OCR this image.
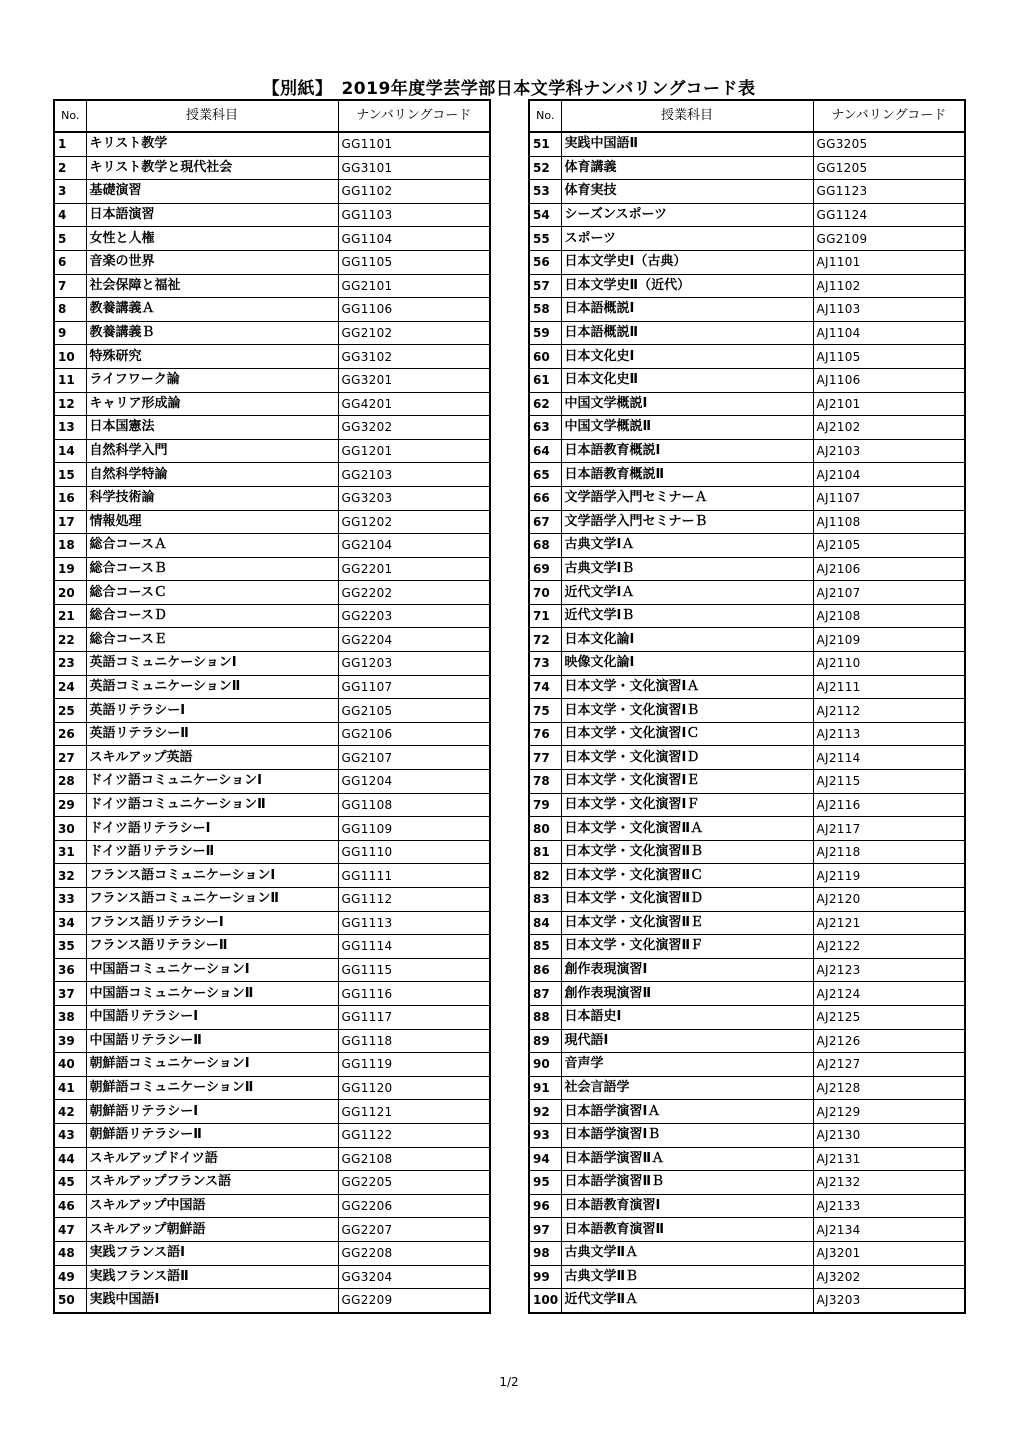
【別紙】　2019年度学芸学部日本文学科ナンバリングコード表
No.	授業科目	ナンバリングコード
1	キリスト教学	GG1101
2	キリスト教学と現代社会	GG3101
3	基礎演習	GG1102
4	日本語演習	GG1103
5	女性と人権	GG1104
6	音楽の世界	GG1105
7	社会保障と福祉	GG2101
8	教養講義Ａ	GG1106
9	教養講義Ｂ	GG2102
10	特殊研究	GG3102
11	ライフワーク論	GG3201
12	キャリア形成論	GG4201
13	日本国憲法	GG3202
14	自然科学入門	GG1201
15	自然科学特論	GG2103
16	科学技術論	GG3203
17	情報処理	GG1202
18	総合コースＡ	GG2104
19	総合コースＢ	GG2201
20	総合コースＣ	GG2202
21	総合コースＤ	GG2203
22	総合コースＥ	GG2204
23	英語コミュニケーションⅠ	GG1203
24	英語コミュニケーションⅡ	GG1107
25	英語リテラシーⅠ	GG2105
26	英語リテラシーⅡ	GG2106
27	スキルアップ英語	GG2107
28	ドイツ語コミュニケーションⅠ	GG1204
29	ドイツ語コミュニケーションⅡ	GG1108
30	ドイツ語リテラシーⅠ	GG1109
31	ドイツ語リテラシーⅡ	GG1110
32	フランス語コミュニケーションⅠ	GG1111
33	フランス語コミュニケーションⅡ	GG1112
34	フランス語リテラシーⅠ	GG1113
35	フランス語リテラシーⅡ	GG1114
36	中国語コミュニケーションⅠ	GG1115
37	中国語コミュニケーションⅡ	GG1116
38	中国語リテラシーⅠ	GG1117
39	中国語リテラシーⅡ	GG1118
40	朝鮮語コミュニケーションⅠ	GG1119
41	朝鮮語コミュニケーションⅡ	GG1120
42	朝鮮語リテラシーⅠ	GG1121
43	朝鮮語リテラシーⅡ	GG1122
44	スキルアップドイツ語	GG2108
45	スキルアップフランス語	GG2205
46	スキルアップ中国語	GG2206
47	スキルアップ朝鮮語	GG2207
48	実践フランス語Ⅰ	GG2208
49	実践フランス語Ⅱ	GG3204
50	実践中国語Ⅰ	GG2209
No.	授業科目	ナンバリングコード
51	実践中国語Ⅱ	GG3205
52	体育講義	GG1205
53	体育実技	GG1123
54	シーズンスポーツ	GG1124
55	スポーツ	GG2109
56	日本文学史Ⅰ（古典）	AJ1101
57	日本文学史Ⅱ（近代）	AJ1102
58	日本語概説Ⅰ	AJ1103
59	日本語概説Ⅱ	AJ1104
60	日本文化史Ⅰ	AJ1105
61	日本文化史Ⅱ	AJ1106
62	中国文学概説Ⅰ	AJ2101
63	中国文学概説Ⅱ	AJ2102
64	日本語教育概説Ⅰ	AJ2103
65	日本語教育概説Ⅱ	AJ2104
66	文学語学入門セミナーＡ	AJ1107
67	文学語学入門セミナーＢ	AJ1108
68	古典文学ⅠＡ	AJ2105
69	古典文学ⅠＢ	AJ2106
70	近代文学ⅠＡ	AJ2107
71	近代文学ⅠＢ	AJ2108
72	日本文化論Ⅰ	AJ2109
73	映像文化論Ⅰ	AJ2110
74	日本文学・文化演習ⅠＡ	AJ2111
75	日本文学・文化演習ⅠＢ	AJ2112
76	日本文学・文化演習ⅠＣ	AJ2113
77	日本文学・文化演習ⅠＤ	AJ2114
78	日本文学・文化演習ⅠＥ	AJ2115
79	日本文学・文化演習ⅠＦ	AJ2116
80	日本文学・文化演習ⅡＡ	AJ2117
81	日本文学・文化演習ⅡＢ	AJ2118
82	日本文学・文化演習ⅡＣ	AJ2119
83	日本文学・文化演習ⅡＤ	AJ2120
84	日本文学・文化演習ⅡＥ	AJ2121
85	日本文学・文化演習ⅡＦ	AJ2122
86	創作表現演習Ⅰ	AJ2123
87	創作表現演習Ⅱ	AJ2124
88	日本語史Ⅰ	AJ2125
89	現代語Ⅰ	AJ2126
90	音声学	AJ2127
91	社会言語学	AJ2128
92	日本語学演習ⅠＡ	AJ2129
93	日本語学演習ⅠＢ	AJ2130
94	日本語学演習ⅡＡ	AJ2131
95	日本語学演習ⅡＢ	AJ2132
96	日本語教育演習Ⅰ	AJ2133
97	日本語教育演習Ⅱ	AJ2134
98	古典文学ⅡＡ	AJ3201
99	古典文学ⅡＢ	AJ3202
100	近代文学ⅡＡ	AJ3203
1/2
